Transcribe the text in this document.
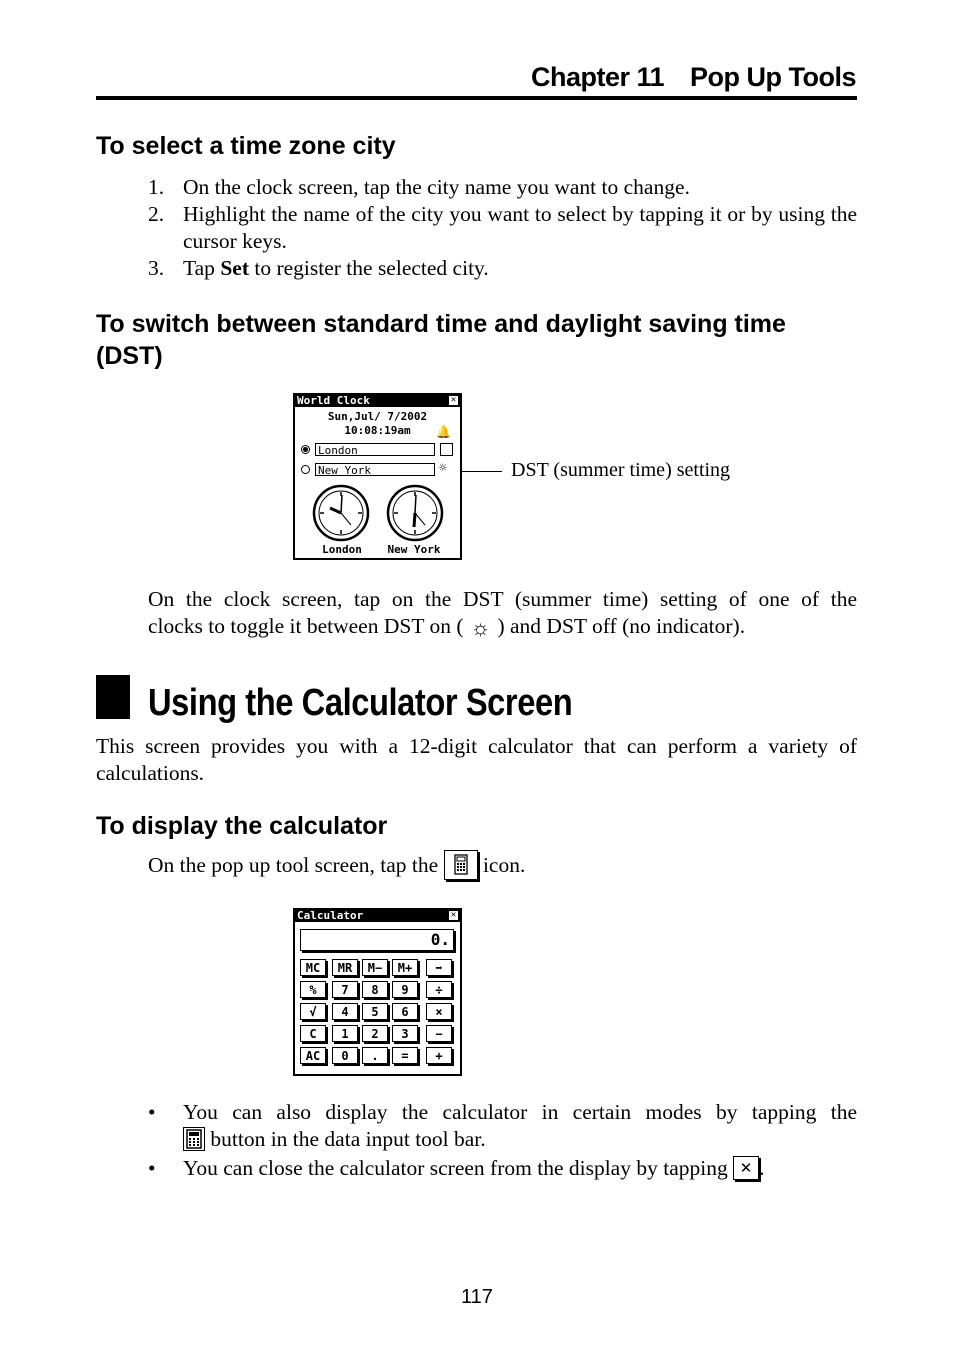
Chapter 11 Pop Up Tools
To select a time zone city
1. On the clock screen, tap the city name you want to change.
2. Highlight the name of the city you want to select by tapping it or by using the cursor keys.
3. Tap Set to register the selected city.
To switch between standard time and daylight saving time
(DST)
World Clock	✕
Sun,Jul/ 7/2002
10:08:19am	🔔
London
New York	☼
London	New York
DST (summer time) setting
On the clock screen, tap on the DST (summer time) setting of one of the
clocks to toggle it between DST on ( ☼ ) and DST off (no indicator).
Using the Calculator Screen
This screen provides you with a 12-digit calculator that can perform a variety of
calculations.
To display the calculator
On the pop up tool screen, tap the icon.
Calculator	✕
0.
MC	MR	M−	M+	➡
%	7	8	9	÷
√	4	5	6	×
C	1	2	3	−
AC	0	.	=	+
• You can also display the calculator in certain modes by tapping the
button in the data input tool bar.
• You can close the calculator screen from the display by tapping ✕ .
117
